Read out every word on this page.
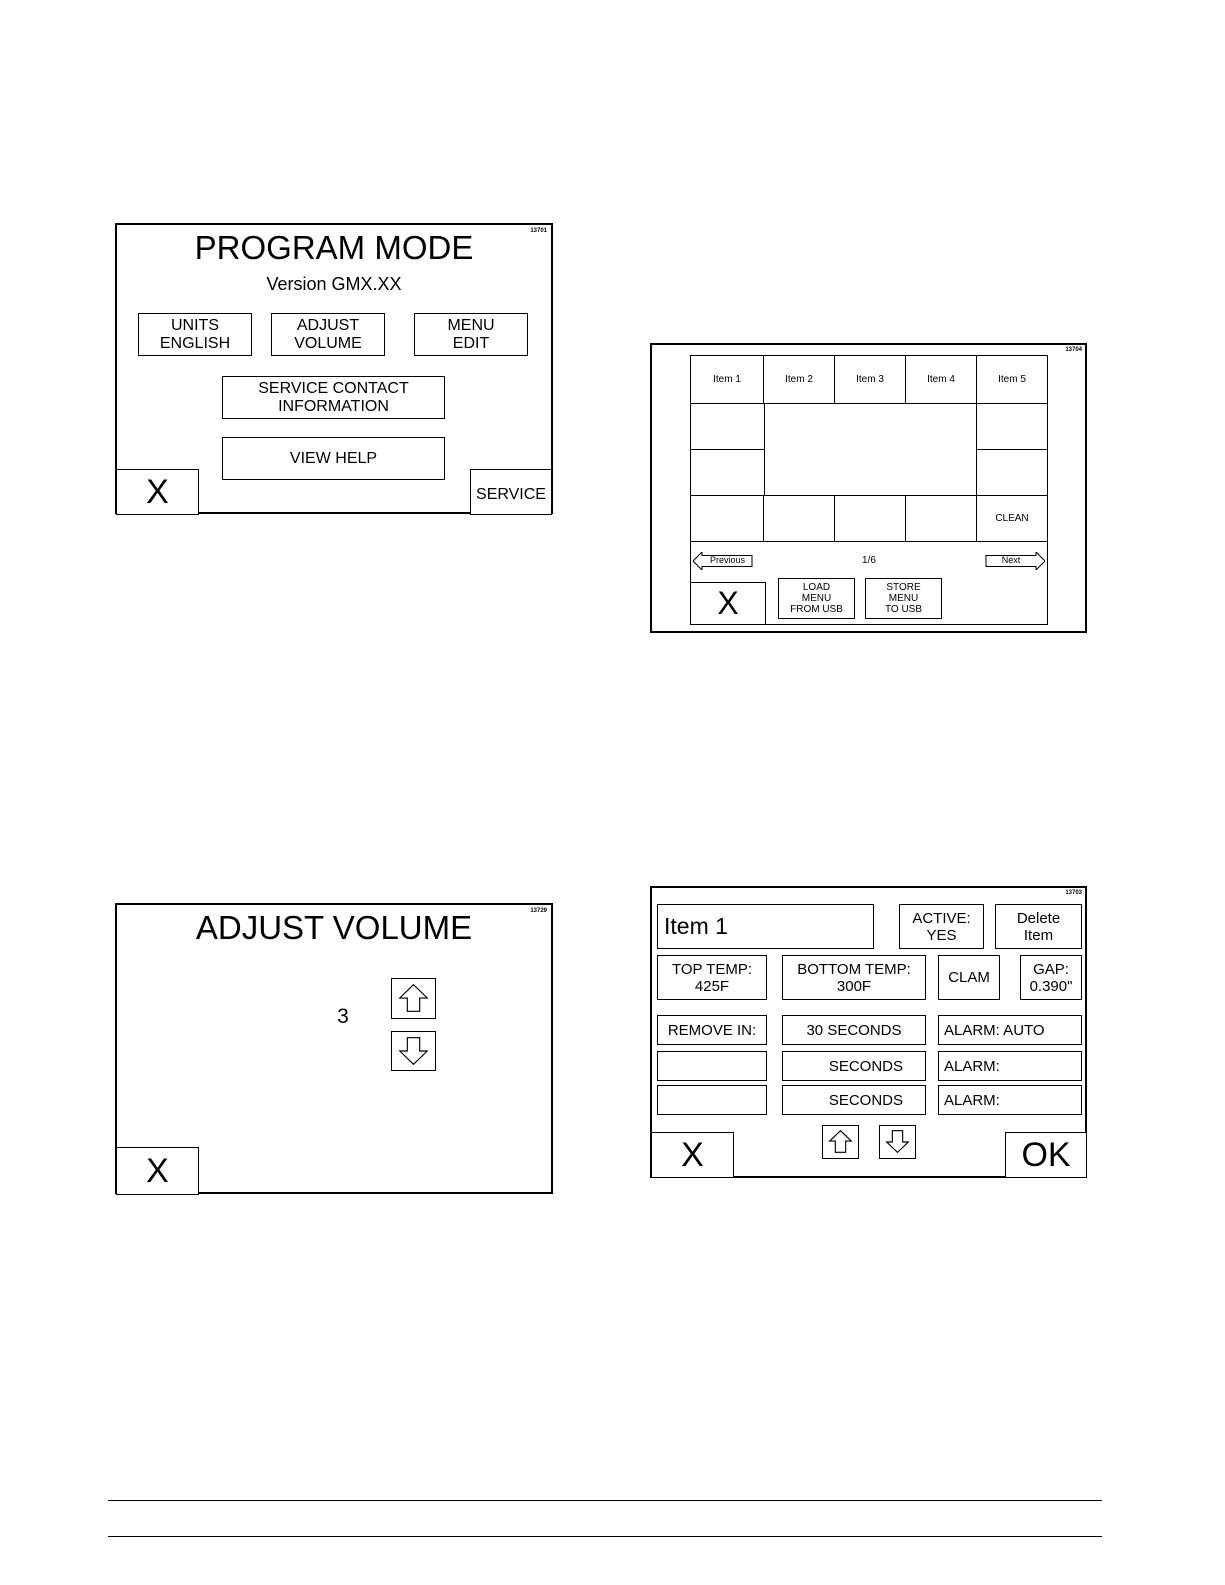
13701
PROGRAM MODE
Version GMX.XX
UNITS
ENGLISH
ADJUST
VOLUME
MENU
EDIT
SERVICE CONTACT
INFORMATION
VIEW HELP
X	SERVICE
13704
Item 1	Item 2	Item 3	Item 4	Item 5
CLEAN
Previous	1/6	Next
X	LOAD
MENU
FROM USB
STORE
MENU
TO USB
13729
ADJUST VOLUME
3
X
13703
Item 1	ACTIVE:
YES
Delete
Item
TOP TEMP:
425F
BOTTOM TEMP:
300F	CLAM	GAP:
0.390"
REMOVE IN:	30 SECONDS	ALARM: AUTO
SECONDS	ALARM:
SECONDS	ALARM:
X	OK
